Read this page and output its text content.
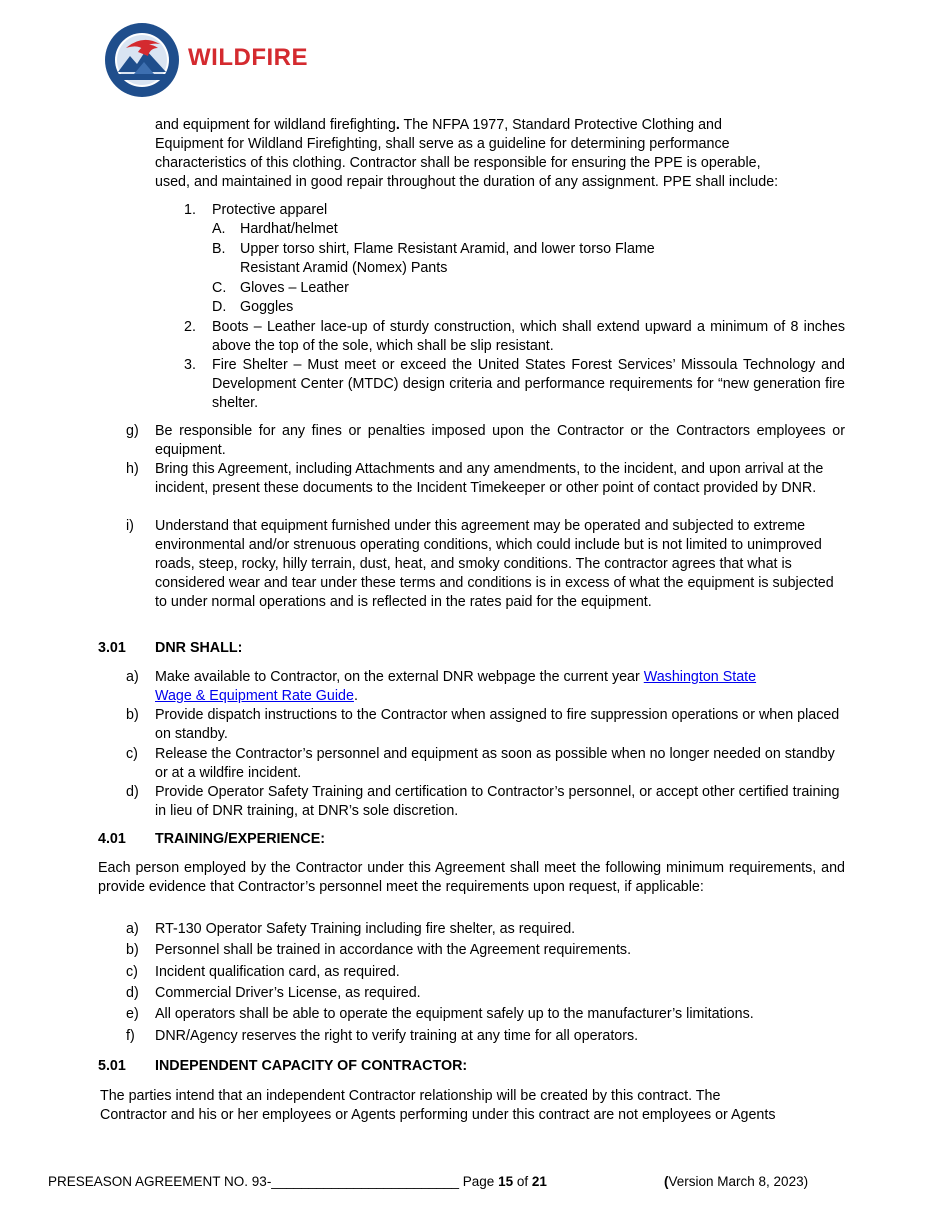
WILDFIRE
and equipment for wildland firefighting. The NFPA 1977, Standard Protective Clothing and
Equipment for Wildland Firefighting, shall serve as a guideline for determining performance
characteristics of this clothing. Contractor shall be responsible for ensuring the PPE is operable,
used, and maintained in good repair throughout the duration of any assignment. PPE shall include:
1. Protective apparel
A. Hardhat/helmet
B. Upper torso shirt, Flame Resistant Aramid, and lower torso Flame
Resistant Aramid (Nomex) Pants
C. Gloves – Leather
D. Goggles
2. Boots – Leather lace-up of sturdy construction, which shall extend upward a minimum of 8 inches above the top of the sole, which shall be slip resistant.
3. Fire Shelter – Must meet or exceed the United States Forest Services’ Missoula Technology and Development Center (MTDC) design criteria and performance requirements for “new generation fire shelter.
g) Be responsible for any fines or penalties imposed upon the Contractor or the Contractors employees or equipment.
h) Bring this Agreement, including Attachments and any amendments, to the incident, and upon arrival at the incident, present these documents to the Incident Timekeeper or other point of contact provided by DNR.
i) Understand that equipment furnished under this agreement may be operated and subjected to extreme environmental and/or strenuous operating conditions, which could include but is not limited to unimproved roads, steep, rocky, hilly terrain, dust, heat, and smoky conditions. The contractor agrees that what is considered wear and tear under these terms and conditions is in excess of what the equipment is subjected to under normal operations and is reflected in the rates paid for the equipment.
3.01 DNR SHALL:
a) Make available to Contractor, on the external DNR webpage the current year Washington State
Wage & Equipment Rate Guide.
b) Provide dispatch instructions to the Contractor when assigned to fire suppression operations or when placed on standby.
c) Release the Contractor’s personnel and equipment as soon as possible when no longer needed on standby or at a wildfire incident.
d) Provide Operator Safety Training and certification to Contractor’s personnel, or accept other certified training in lieu of DNR training, at DNR’s sole discretion.
4.01 TRAINING/EXPERIENCE:
Each person employed by the Contractor under this Agreement shall meet the following minimum requirements, and provide evidence that Contractor’s personnel meet the requirements upon request, if applicable:
a) RT-130 Operator Safety Training including fire shelter, as required.
b) Personnel shall be trained in accordance with the Agreement requirements.
c) Incident qualification card, as required.
d) Commercial Driver’s License, as required.
e) All operators shall be able to operate the equipment safely up to the manufacturer’s limitations.
f) DNR/Agency reserves the right to verify training at any time for all operators.
5.01 INDEPENDENT CAPACITY OF CONTRACTOR:
The parties intend that an independent Contractor relationship will be created by this contract. The
Contractor and his or her employees or Agents performing under this contract are not employees or Agents
PRESEASON AGREEMENT NO. 93-_________________________ Page 15 of 21	(Version March 8, 2023)
